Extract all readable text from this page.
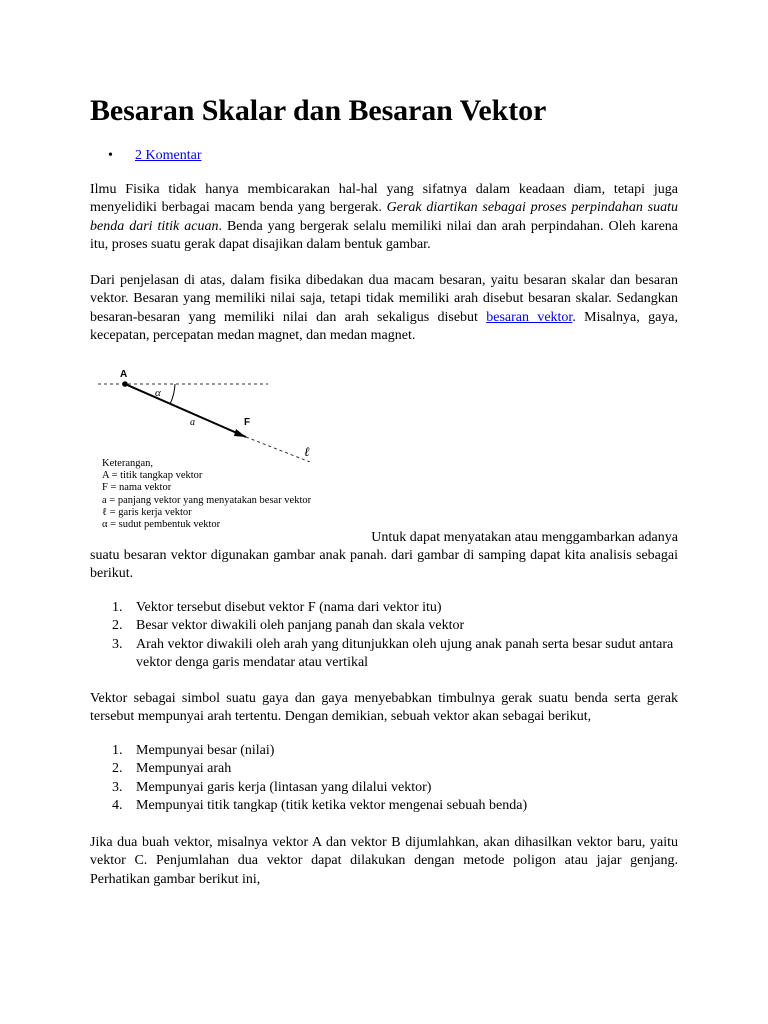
Besaran Skalar dan Besaran Vektor
• 2 Komentar

Ilmu Fisika tidak hanya membicarakan hal-hal yang sifatnya dalam keadaan diam, tetapi juga menyelidiki berbagai macam benda yang bergerak. Gerak diartikan sebagai proses perpindahan suatu benda dari titik acuan. Benda yang bergerak selalu memiliki nilai dan arah perpindahan. Oleh karena itu, proses suatu gerak dapat disajikan dalam bentuk gambar.

Dari penjelasan di atas, dalam fisika dibedakan dua macam besaran, yaitu besaran skalar dan besaran vektor. Besaran yang memiliki nilai saja, tetapi tidak memiliki arah disebut besaran skalar. Sedangkan besaran-besaran yang memiliki nilai dan arah sekaligus disebut besaran vektor. Misalnya, gaya, kecepatan, percepatan medan magnet, dan medan magnet.

A
α
a	F
ℓ
Keterangan,
A = titik tangkap vektor
F = nama vektor
a = panjang vektor yang menyatakan besar vektor
ℓ = garis kerja vektor
α = sudut pembentuk vektor
Untuk dapat menyatakan atau menggambarkan adanya

suatu besaran vektor digunakan gambar anak panah. dari gambar di samping dapat kita analisis sebagai berikut.

1. Vektor tersebut disebut vektor F (nama dari vektor itu)
2. Besar vektor diwakili oleh panjang panah dan skala vektor
3. Arah vektor diwakili oleh arah yang ditunjukkan oleh ujung anak panah serta besar sudut antara vektor denga garis mendatar atau vertikal

Vektor sebagai simbol suatu gaya dan gaya menyebabkan timbulnya gerak suatu benda serta gerak tersebut mempunyai arah tertentu. Dengan demikian, sebuah vektor akan sebagai berikut,

1. Mempunyai besar (nilai)
2. Mempunyai arah
3. Mempunyai garis kerja (lintasan yang dilalui vektor)
4. Mempunyai titik tangkap (titik ketika vektor mengenai sebuah benda)

Jika dua buah vektor, misalnya vektor A dan vektor B dijumlahkan, akan dihasilkan vektor baru, yaitu vektor C. Penjumlahan dua vektor dapat dilakukan dengan metode poligon atau jajar genjang. Perhatikan gambar berikut ini,
